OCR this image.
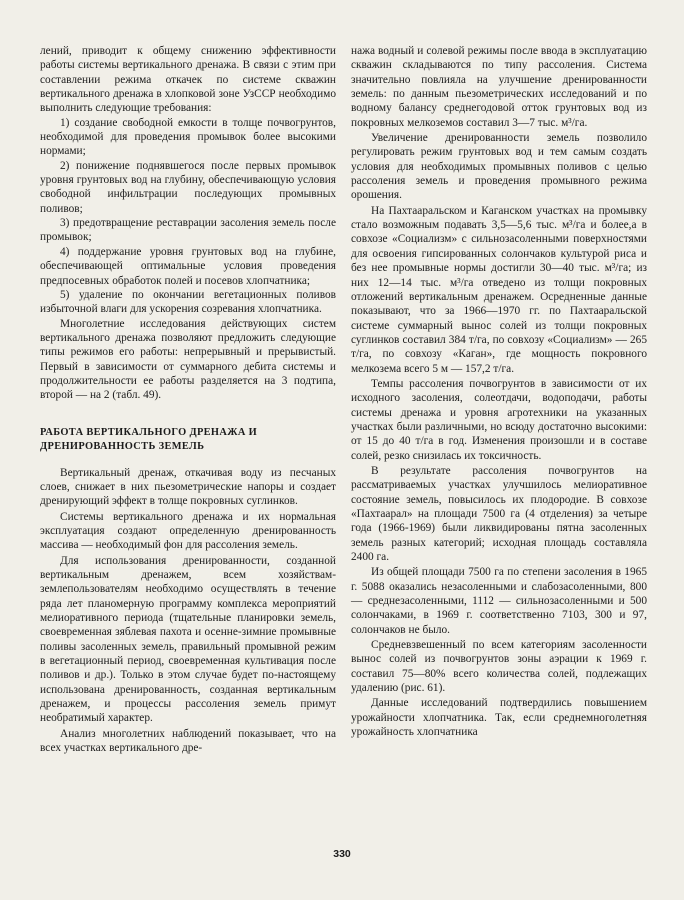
лений, приводит к общему снижению эффективности работы системы вертикального дренажа. В связи с этим при составлении режима откачек по системе скважин вертикального дренажа в хлопковой зоне УзССР необходимо выполнить следующие требования:

1) создание свободной емкости в толще почвогрунтов, необходимой для проведения промывок более высокими нормами;

2) понижение поднявшегося после первых промывок уровня грунтовых вод на глубину, обеспечивающую условия свободной инфильтрации последующих промывных поливов;

3) предотвращение реставрации засоления земель после промывок;

4) поддержание уровня грунтовых вод на глубине, обеспечивающей оптимальные условия проведения предпосевных обработок полей и посевов хлопчатника;

5) удаление по окончании вегетационных поливов избыточной влаги для ускорения созревания хлопчатника.

Многолетние исследования действующих систем вертикального дренажа позволяют предложить следующие типы режимов его работы: непрерывный и прерывистый. Первый в зависимости от суммарного дебита системы и продолжительности ее работы разделяется на 3 подтипа, второй — на 2 (табл. 49).

РАБОТА ВЕРТИКАЛЬНОГО ДРЕНАЖА И ДРЕНИРОВАННОСТЬ ЗЕМЕЛЬ

Вертикальный дренаж, откачивая воду из песчаных слоев, снижает в них пьезометрические напоры и создает дренирующий эффект в толще покровных суглинков.

Системы вертикального дренажа и их нормальная эксплуатация создают определенную дренированность массива — необходимый фон для рассоления земель.

Для использования дренированности, созданной вертикальным дренажем, всем хозяйствам-землепользователям необходимо осуществлять в течение ряда лет планомерную программу комплекса мероприятий мелиоративного периода (тщательные планировки земель, своевременная зяблевая пахота и осенне-зимние промывные поливы засоленных земель, правильный промывной режим в вегетационный период, своевременная культивация после поливов и др.). Только в этом случае будет по-настоящему использована дренированность, созданная вертикальным дренажем, и процессы рассоления земель примут необратимый характер.

Анализ многолетних наблюдений показывает, что на всех участках вертикального дре-

нажа водный и солевой режимы после ввода в эксплуатацию скважин складываются по типу рассоления. Система значительно повлияла на улучшение дренированности земель: по данным пьезометрических исследований и по водному балансу среднегодовой отток грунтовых вод из покровных мелкоземов составил 3—7 тыс. м³/га.

Увеличение дренированности земель позволило регулировать режим грунтовых вод и тем самым создать условия для необходимых промывных поливов с целью рассоления земель и проведения промывного режима орошения.

На Пахтааральском и Каганском участках на промывку стало возможным подавать 3,5—5,6 тыс. м³/га и более,а в совхозе «Социализм» с сильнозасоленными поверхностями для освоения гипсированных солончаков культурой риса и без нее промывные нормы достигли 30—40 тыс. м³/га; из них 12—14 тыс. м³/га отведено из толщи покровных отложений вертикальным дренажем. Осредненные данные показывают, что за 1966—1970 гг. по Пахтааральской системе суммарный вынос солей из толщи покровных суглинков составил 384 т/га, по совхозу «Социализм» — 265 т/га, по совхозу «Каган», где мощность покровного мелкозема всего 5 м — 157,2 т/га.

Темпы рассоления почвогрунтов в зависимости от их исходного засоления, солеотдачи, водоподачи, работы системы дренажа и уровня агротехники на указанных участках были различными, но всюду достаточно высокими: от 15 до 40 т/га в год. Изменения произошли и в составе солей, резко снизилась их токсичность.

В результате рассоления почвогрунтов на рассматриваемых участках улучшилось мелиоративное состояние земель, повысилось их плодородие. В совхозе «Пахтаарал» на площади 7500 га (4 отделения) за четыре года (1966-1969) были ликвидированы пятна засоленных земель разных категорий; исходная площадь составляла 2400 га.

Из общей площади 7500 га по степени засоления в 1965 г. 5088 оказались незасоленными и слабозасоленными, 800 — среднезасоленными, 1112 — сильнозасоленными и 500 солончаками, в 1969 г. соответственно 7103, 300 и 97, солончаков не было.

Средневзвешенный по всем категориям засоленности вынос солей из почвогрунтов зоны аэрации к 1969 г. составил 75—80% всего количества солей, подлежащих удалению (рис. 61).

Данные исследований подтвердились повышением урожайности хлопчатника. Так, если среднемноголетняя урожайность хлопчатника

330
